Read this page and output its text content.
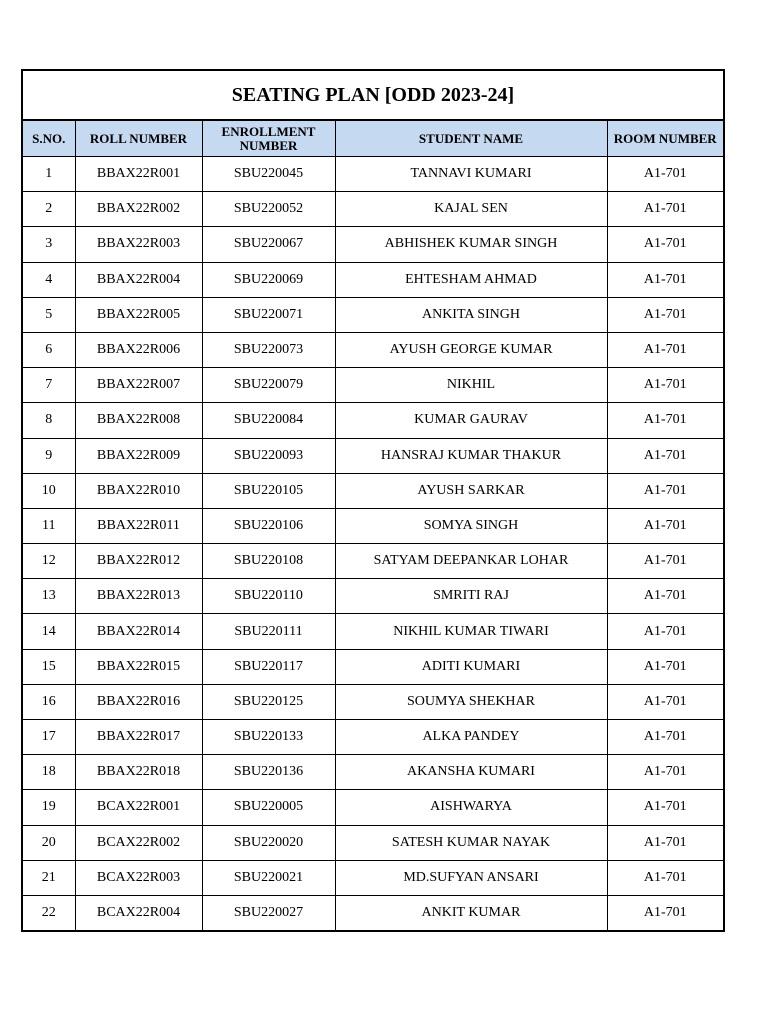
SEATING PLAN [ODD 2023-24]
S.NO.	ROLL NUMBER	ENROLLMENT NUMBER	STUDENT NAME	ROOM NUMBER
1	BBAX22R001	SBU220045	TANNAVI KUMARI	A1-701
2	BBAX22R002	SBU220052	KAJAL SEN	A1-701
3	BBAX22R003	SBU220067	ABHISHEK KUMAR SINGH	A1-701
4	BBAX22R004	SBU220069	EHTESHAM AHMAD	A1-701
5	BBAX22R005	SBU220071	ANKITA SINGH	A1-701
6	BBAX22R006	SBU220073	AYUSH GEORGE KUMAR	A1-701
7	BBAX22R007	SBU220079	NIKHIL	A1-701
8	BBAX22R008	SBU220084	KUMAR GAURAV	A1-701
9	BBAX22R009	SBU220093	HANSRAJ KUMAR THAKUR	A1-701
10	BBAX22R010	SBU220105	AYUSH SARKAR	A1-701
11	BBAX22R011	SBU220106	SOMYA SINGH	A1-701
12	BBAX22R012	SBU220108	SATYAM DEEPANKAR LOHAR	A1-701
13	BBAX22R013	SBU220110	SMRITI RAJ	A1-701
14	BBAX22R014	SBU220111	NIKHIL KUMAR TIWARI	A1-701
15	BBAX22R015	SBU220117	ADITI KUMARI	A1-701
16	BBAX22R016	SBU220125	SOUMYA SHEKHAR	A1-701
17	BBAX22R017	SBU220133	ALKA PANDEY	A1-701
18	BBAX22R018	SBU220136	AKANSHA KUMARI	A1-701
19	BCAX22R001	SBU220005	AISHWARYA	A1-701
20	BCAX22R002	SBU220020	SATESH KUMAR NAYAK	A1-701
21	BCAX22R003	SBU220021	MD.SUFYAN ANSARI	A1-701
22	BCAX22R004	SBU220027	ANKIT KUMAR	A1-701
